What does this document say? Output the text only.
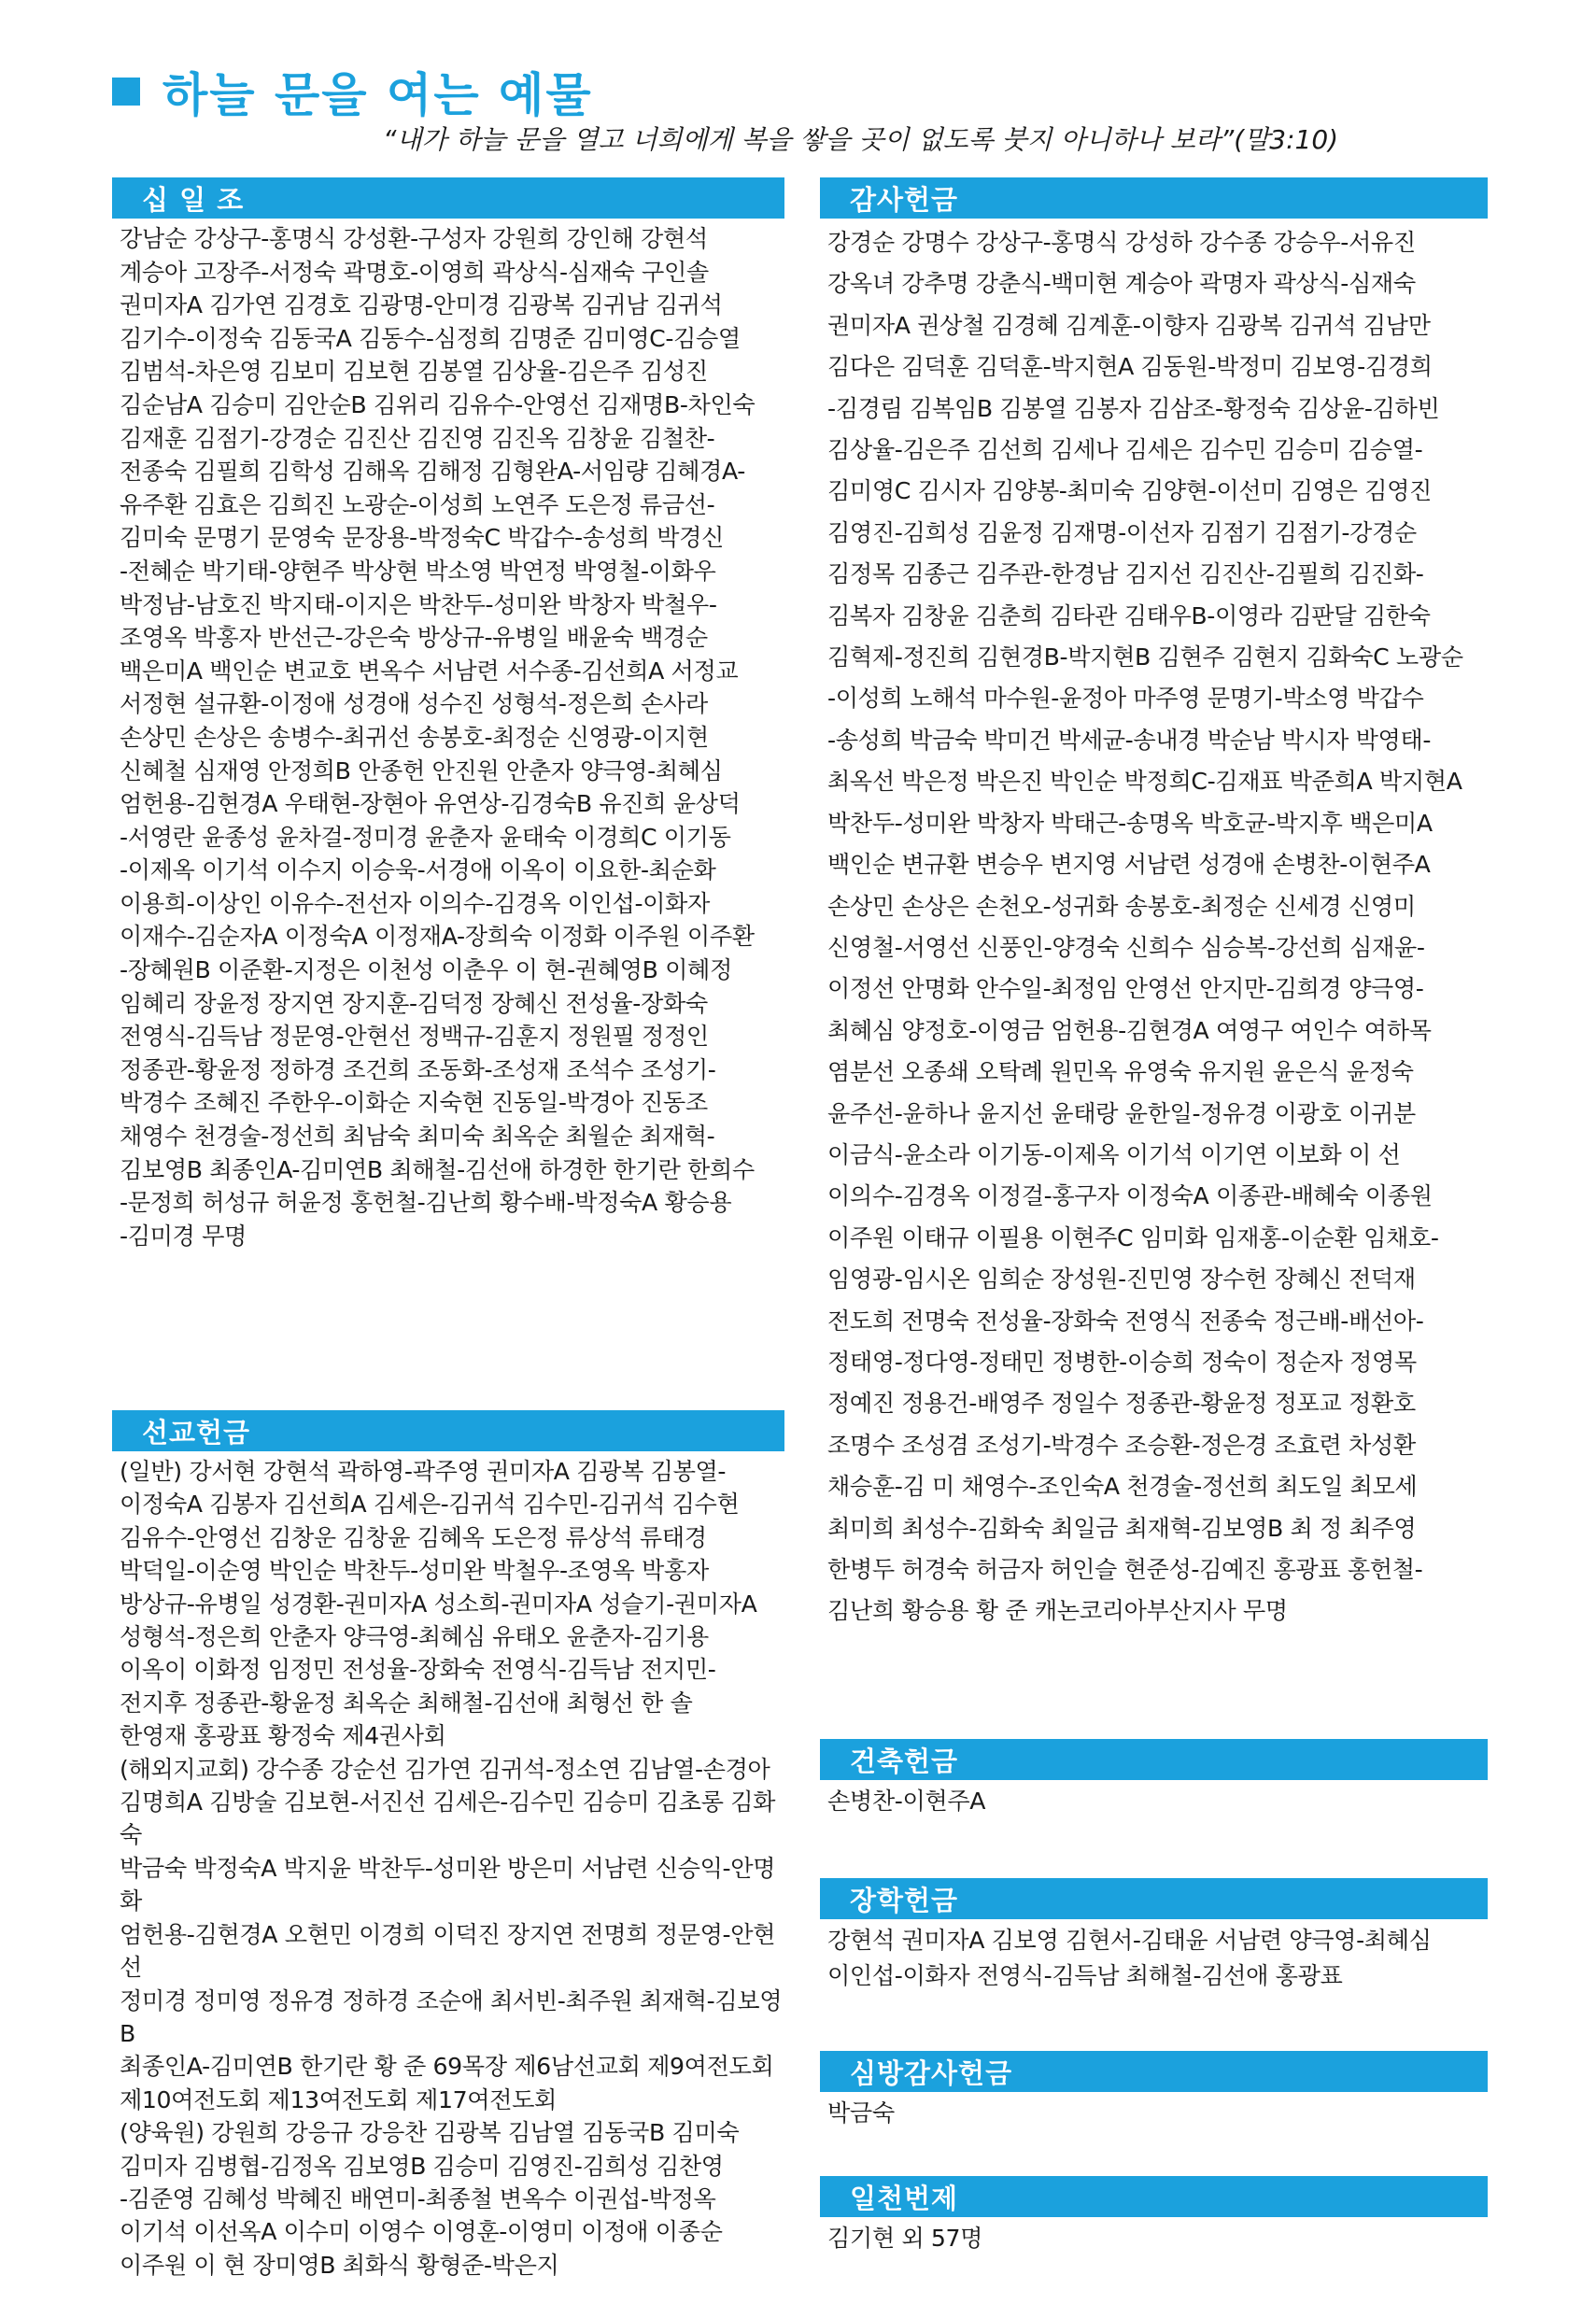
하늘 문을 여는 예물
“내가 하늘 문을 열고 너희에게 복을 쌓을 곳이 없도록 붓지 아니하나 보라”(말3:10)
십 일 조
강남순 강상구-홍명식 강성환-구성자 강원희 강인해 강현석
계승아 고장주-서정숙 곽명호-이영희 곽상식-심재숙 구인솔
권미자A 김가연 김경호 김광명-안미경 김광복 김귀남 김귀석
김기수-이정숙 김동국A 김동수-심정희 김명준 김미영C-김승열
김범석-차은영 김보미 김보현 김봉열 김상율-김은주 김성진
김순남A 김승미 김안순B 김위리 김유수-안영선 김재명B-차인숙
김재훈 김점기-강경순 김진산 김진영 김진옥 김창윤 김철찬-
전종숙 김필희 김학성 김해옥 김해정 김형완A-서임량 김혜경A-
유주환 김효은 김희진 노광순-이성희 노연주 도은정 류금선-
김미숙 문명기 문영숙 문장용-박정숙C 박갑수-송성희 박경신
-전혜순 박기태-양현주 박상현 박소영 박연정 박영철-이화우
박정남-남호진 박지태-이지은 박찬두-성미완 박창자 박철우-
조영옥 박홍자 반선근-강은숙 방상규-유병일 배윤숙 백경순
백은미A 백인순 변교호 변옥수 서남련 서수종-김선희A 서정교
서정현 설규환-이정애 성경애 성수진 성형석-정은희 손사라
손상민 손상은 송병수-최귀선 송봉호-최정순 신영광-이지현
신혜철 심재영 안정희B 안종헌 안진원 안춘자 양극영-최혜심
엄헌용-김현경A 우태현-장현아 유연상-김경숙B 유진희 윤상덕
-서영란 윤종성 윤차걸-정미경 윤춘자 윤태숙 이경희C 이기동
-이제옥 이기석 이수지 이승욱-서경애 이옥이 이요한-최순화
이용희-이상인 이유수-전선자 이의수-김경옥 이인섭-이화자
이재수-김순자A 이정숙A 이정재A-장희숙 이정화 이주원 이주환
-장혜원B 이준환-지정은 이천성 이춘우 이 현-권혜영B 이혜정
임혜리 장윤정 장지연 장지훈-김덕정 장혜신 전성율-장화숙
전영식-김득남 정문영-안현선 정백규-김훈지 정원필 정정인
정종관-황윤정 정하경 조건희 조동화-조성재 조석수 조성기-
박경수 조혜진 주한우-이화순 지숙현 진동일-박경아 진동조
채영수 천경술-정선희 최남숙 최미숙 최옥순 최월순 최재혁-
김보영B 최종인A-김미연B 최해철-김선애 하경한 한기란 한희수
-문정희 허성규 허윤정 홍헌철-김난희 황수배-박정숙A 황승용
-김미경 무명
선교헌금
(일반) 강서현 강현석 곽하영-곽주영 권미자A 김광복 김봉열-
이정숙A 김봉자 김선희A 김세은-김귀석 김수민-김귀석 김수현
김유수-안영선 김창운 김창윤 김혜옥 도은정 류상석 류태경
박덕일-이순영 박인순 박찬두-성미완 박철우-조영옥 박홍자
방상규-유병일 성경환-권미자A 성소희-권미자A 성슬기-권미자A
성형석-정은희 안춘자 양극영-최혜심 유태오 윤춘자-김기용
이옥이 이화정 임정민 전성율-장화숙 전영식-김득남 전지민-
전지후 정종관-황윤정 최옥순 최해철-김선애 최형선 한 솔
한영재 홍광표 황정숙 제4권사회
(해외지교회) 강수종 강순선 김가연 김귀석-정소연 김남열-손경아
김명희A 김방술 김보현-서진선 김세은-김수민 김승미 김초롱 김화숙
박금숙 박정숙A 박지윤 박찬두-성미완 방은미 서남련 신승익-안명화
엄헌용-김현경A 오현민 이경희 이덕진 장지연 전명희 정문영-안현선
정미경 정미영 정유경 정하경 조순애 최서빈-최주원 최재혁-김보영B
최종인A-김미연B 한기란 황 준 69목장 제6남선교회 제9여전도회
제10여전도회 제13여전도회 제17여전도회
(양육원) 강원희 강응규 강응찬 김광복 김남열 김동국B 김미숙
김미자 김병협-김정옥 김보영B 김승미 김영진-김희성 김찬영
-김준영 김혜성 박혜진 배연미-최종철 변옥수 이권섭-박정옥
이기석 이선옥A 이수미 이영수 이영훈-이영미 이정애 이종순
이주원 이 현 장미영B 최화식 황형준-박은지
감사헌금
강경순 강명수 강상구-홍명식 강성하 강수종 강승우-서유진
강옥녀 강추명 강춘식-백미현 계승아 곽명자 곽상식-심재숙
권미자A 권상철 김경혜 김계훈-이향자 김광복 김귀석 김남만
김다은 김덕훈 김덕훈-박지현A 김동원-박정미 김보영-김경희
-김경림 김복임B 김봉열 김봉자 김삼조-황정숙 김상윤-김하빈
김상율-김은주 김선희 김세나 김세은 김수민 김승미 김승열-
김미영C 김시자 김양봉-최미숙 김양현-이선미 김영은 김영진
김영진-김희성 김윤정 김재명-이선자 김점기 김점기-강경순
김정목 김종근 김주관-한경남 김지선 김진산-김필희 김진화-
김복자 김창윤 김춘희 김타관 김태우B-이영라 김판달 김한숙
김혁제-정진희 김현경B-박지현B 김현주 김현지 김화숙C 노광순
-이성희 노해석 마수원-윤정아 마주영 문명기-박소영 박갑수
-송성희 박금숙 박미건 박세균-송내경 박순남 박시자 박영태-
최옥선 박은정 박은진 박인순 박정희C-김재표 박준희A 박지현A
박찬두-성미완 박창자 박태근-송명옥 박호균-박지후 백은미A
백인순 변규환 변승우 변지영 서남련 성경애 손병찬-이현주A
손상민 손상은 손천오-성귀화 송봉호-최정순 신세경 신영미
신영철-서영선 신풍인-양경숙 신희수 심승복-강선희 심재윤-
이정선 안명화 안수일-최정임 안영선 안지만-김희경 양극영-
최혜심 양정호-이영금 엄헌용-김현경A 여영구 여인수 여하목
염분선 오종쇄 오탁례 원민옥 유영숙 유지원 윤은식 윤정숙
윤주선-윤하나 윤지선 윤태랑 윤한일-정유경 이광호 이귀분
이금식-윤소라 이기동-이제옥 이기석 이기연 이보화 이 선
이의수-김경옥 이정걸-홍구자 이정숙A 이종관-배혜숙 이종원
이주원 이태규 이필용 이현주C 임미화 임재홍-이순환 임채호-
임영광-임시온 임희순 장성원-진민영 장수헌 장혜신 전덕재
전도희 전명숙 전성율-장화숙 전영식 전종숙 정근배-배선아-
정태영-정다영-정태민 정병한-이승희 정숙이 정순자 정영목
정예진 정용건-배영주 정일수 정종관-황윤정 정포교 정환호
조명수 조성겸 조성기-박경수 조승환-정은경 조효련 차성환
채승훈-김 미 채영수-조인숙A 천경술-정선희 최도일 최모세
최미희 최성수-김화숙 최일금 최재혁-김보영B 최 정 최주영
한병두 허경숙 허금자 허인슬 현준성-김예진 홍광표 홍헌철-
김난희 황승용 황 준 캐논코리아부산지사 무명
건축헌금
손병찬-이현주A
장학헌금
강현석 권미자A 김보영 김현서-김태윤 서남련 양극영-최혜심
이인섭-이화자 전영식-김득남 최해철-김선애 홍광표
심방감사헌금
박금숙
일천번제
김기현 외 57명
